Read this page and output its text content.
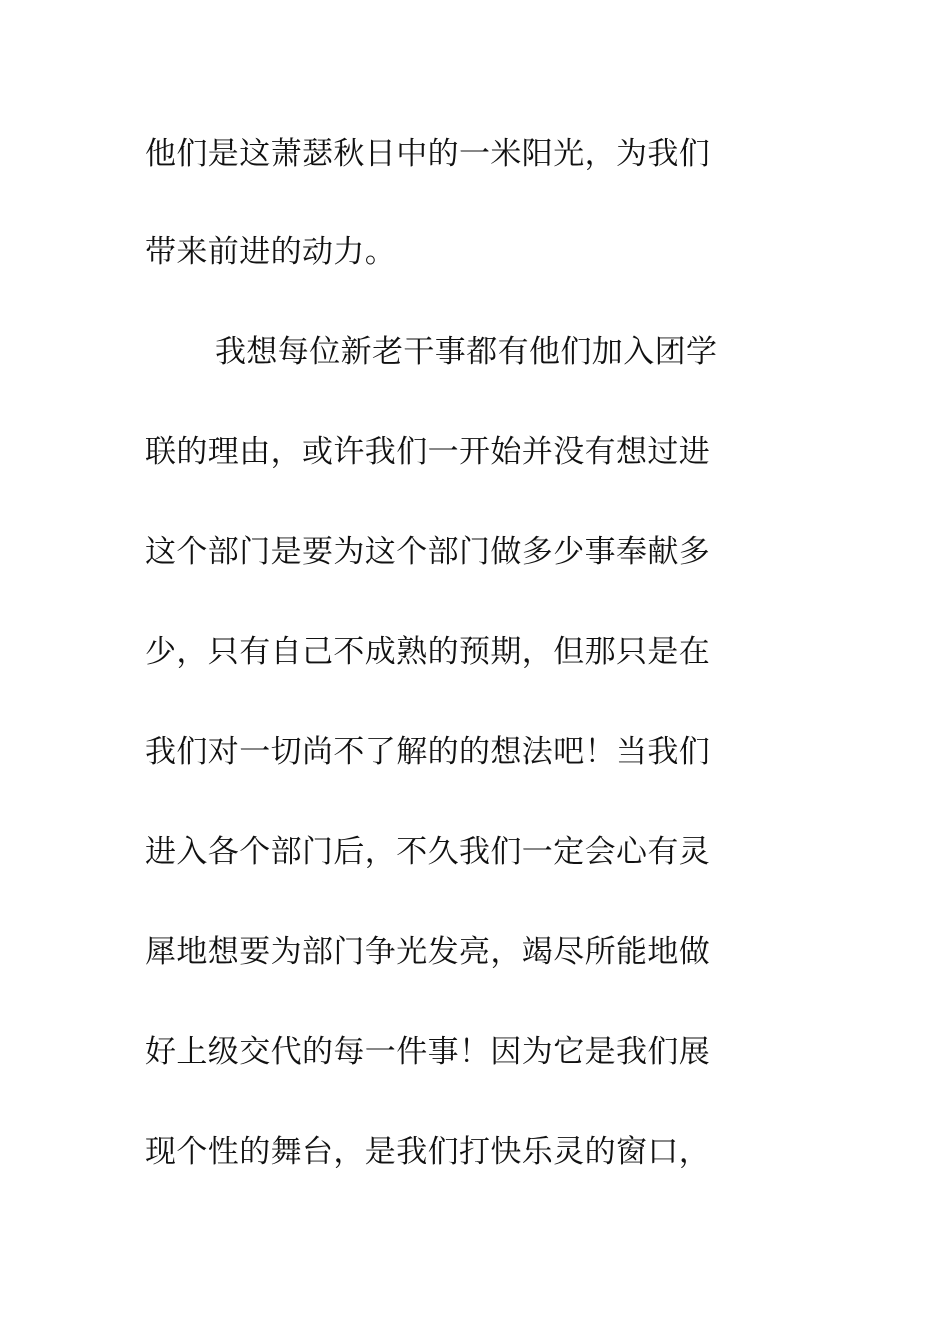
他们是这萧瑟秋日中的一米阳光，为我们
带来前进的动力。
我想每位新老干事都有他们加入团学
联的理由，或许我们一开始并没有想过进
这个部门是要为这个部门做多少事奉献多
少，只有自己不成熟的预期，但那只是在
我们对一切尚不了解的的想法吧！当我们
进入各个部门后，不久我们一定会心有灵
犀地想要为部门争光发亮，竭尽所能地做
好上级交代的每一件事！因为它是我们展
现个性的舞台，是我们打快乐灵的窗口，
